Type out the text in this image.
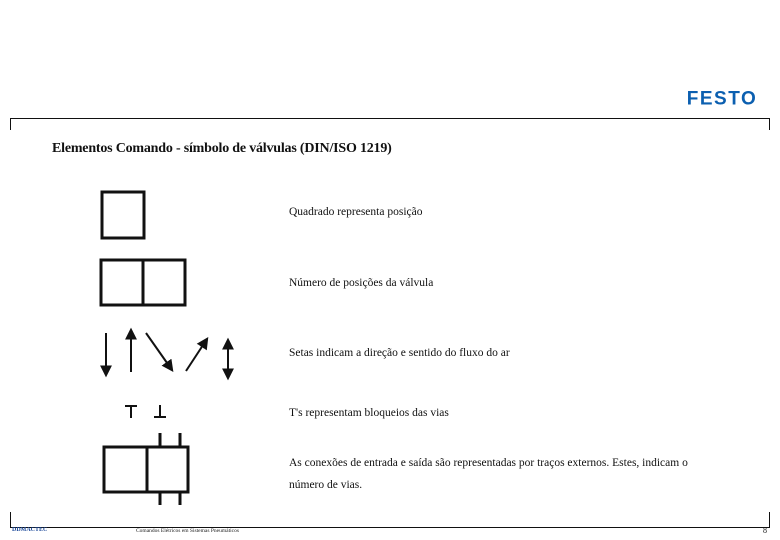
FESTO
Elementos Comando - símbolo de válvulas (DIN/ISO 1219)
Quadrado representa posição
Número de posições da válvula
Setas indicam a direção e sentido do fluxo do ar
T's representam bloqueios das vias
As conexões de entrada e saída são representadas por traços externos. Estes, indicam o número de vias.
DDMACTEC	Comandos Elétricos em Sistemas Pneumáticos	8
